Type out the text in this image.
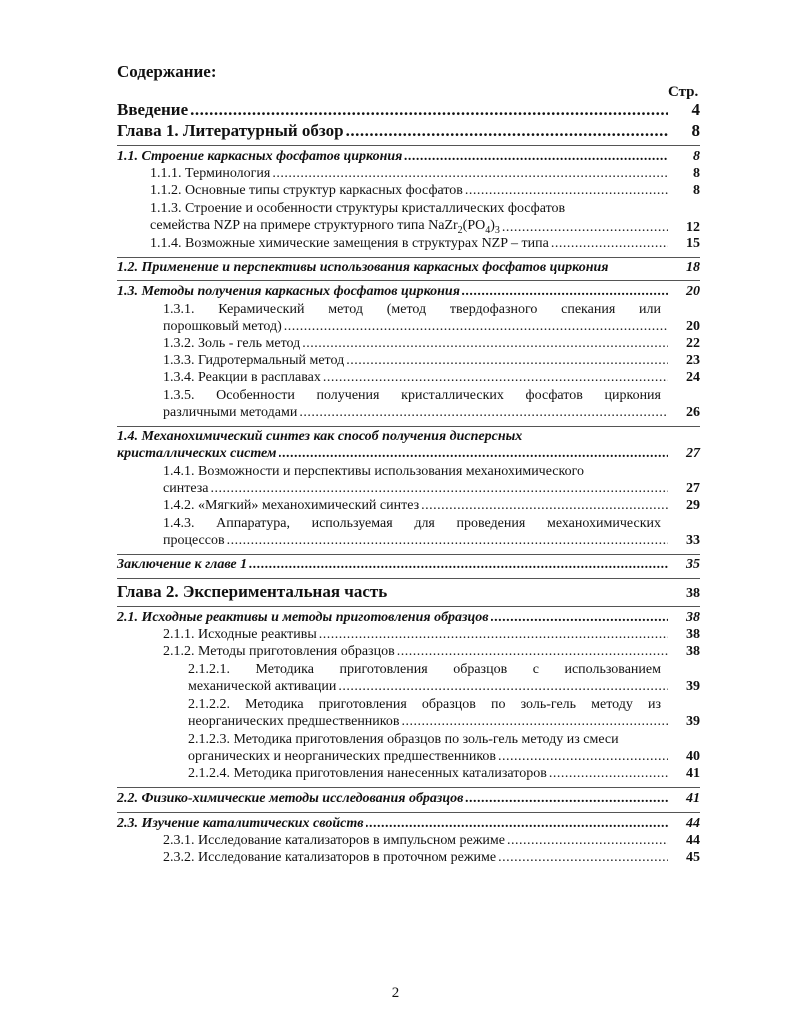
Содержание:
Стр.
Введение .....	4
Глава 1. Литературный обзор .....	8
1.1. Строение каркасных фосфатов циркония .....	8
1.1.1. Терминология .....	8
1.1.2. Основные типы структур каркасных фосфатов .....	8
1.1.3. Строение и особенности структуры кристаллических фосфатов
семейства NZP на примере структурного типа $NaZr_2(PO_4)_3$ .....	12
1.1.4. Возможные химические замещения в структурах NZP – типа .....	15
1.2. Применение и перспективы использования каркасных фосфатов циркония	18
1.3. Методы получения каркасных фосфатов циркония .....	20
1.3.1. Керамический метод (метод твердофазного спекания или
порошковый метод) .....	20
1.3.2. Золь - гель метод .....	22
1.3.3. Гидротермальный метод .....	23
1.3.4. Реакции в расплавах .....	24
1.3.5. Особенности получения кристаллических фосфатов циркония
различными методами .....	26
1.4. Механохимический синтез как способ получения дисперсных
кристаллических систем .....	27
1.4.1. Возможности и перспективы использования механохимического
синтеза .....	27
1.4.2. «Мягкий» механохимический синтез .....	29
1.4.3. Аппаратура, используемая для проведения механохимических
процессов .....	33
Заключение к главе 1 .....	35
Глава 2. Экспериментальная часть	38
2.1. Исходные реактивы и методы приготовления образцов .....	38
2.1.1. Исходные реактивы .....	38
2.1.2. Методы приготовления образцов .....	38
2.1.2.1. Методика приготовления образцов с использованием
механической активации .....	39
2.1.2.2. Методика приготовления образцов по золь-гель методу из
неорганических предшественников .....	39
2.1.2.3. Методика приготовления образцов по золь-гель методу из смеси
органических и неорганических предшественников .....	40
2.1.2.4. Методика приготовления нанесенных катализаторов .....	41
2.2. Физико-химические методы исследования образцов .....	41
2.3. Изучение каталитических свойств .....	44
2.3.1. Исследование катализаторов в импульсном режиме .....	44
2.3.2. Исследование катализаторов в проточном режиме .....	45
2
